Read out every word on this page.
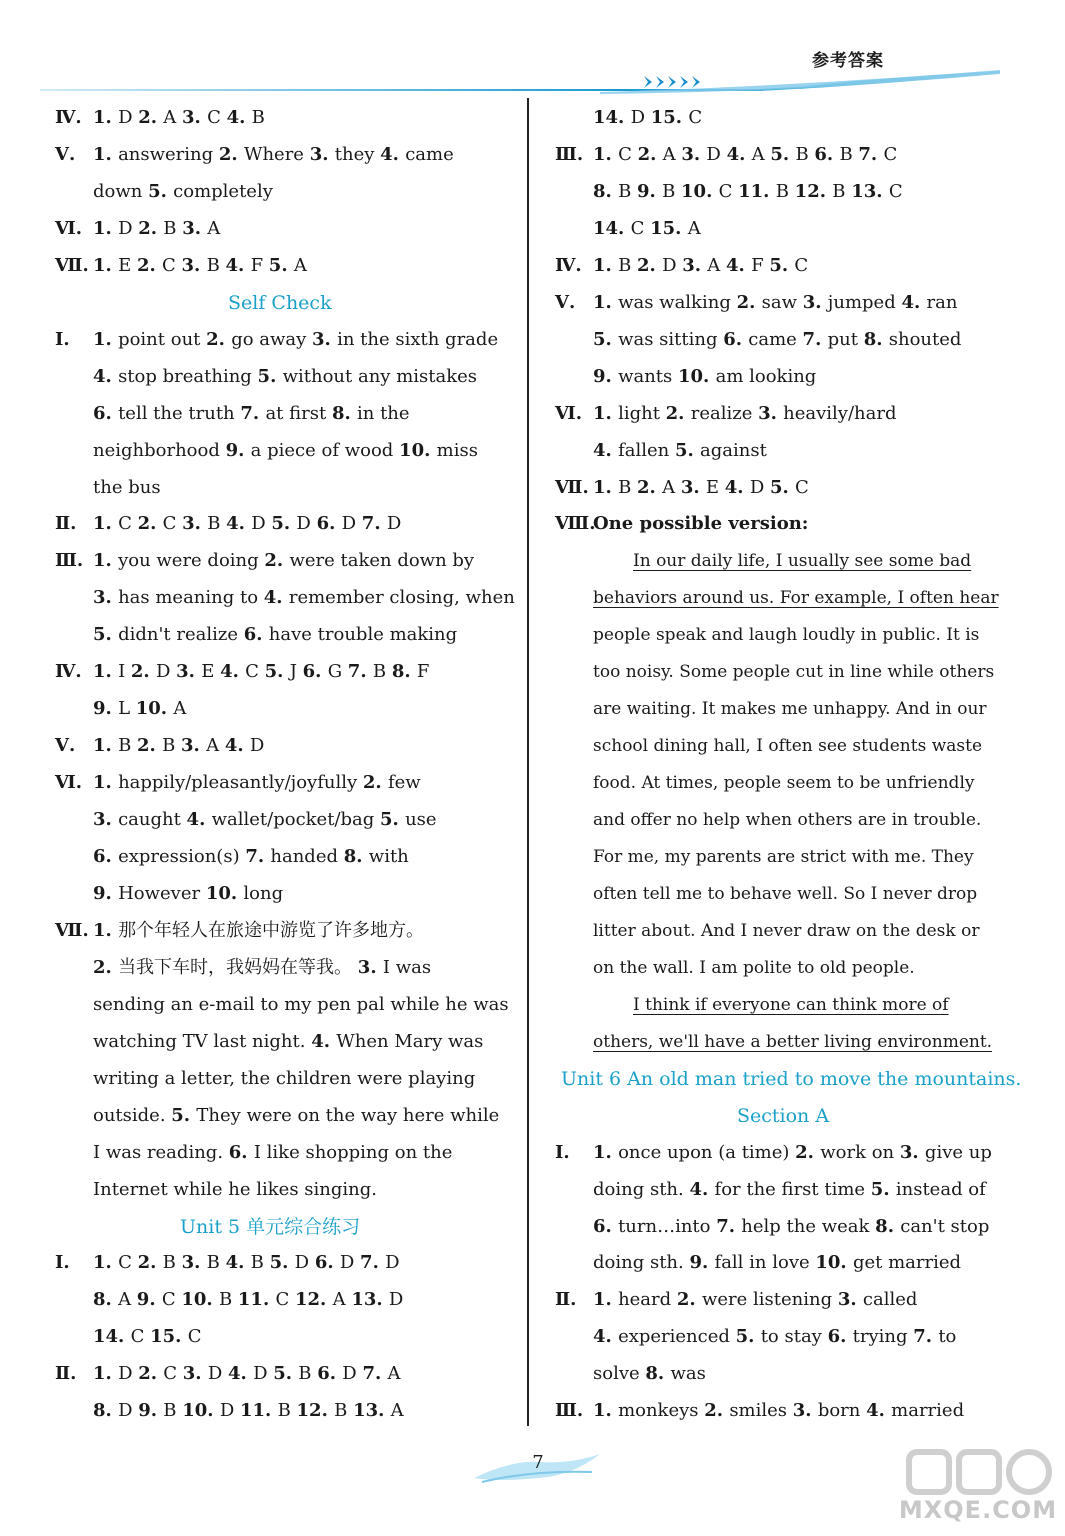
参考答案
Ⅳ. 1. D 2. A 3. C 4. B
Ⅴ. 1. answering 2. Where 3. they 4. came
down 5. completely
Ⅵ. 1. D 2. B 3. A
Ⅶ. 1. E 2. C 3. B 4. F 5. A
Self Check
Ⅰ. 1. point out 2. go away 3. in the sixth grade
4. stop breathing 5. without any mistakes
6. tell the truth 7. at first 8. in the
neighborhood 9. a piece of wood 10. miss
the bus
Ⅱ. 1. C 2. C 3. B 4. D 5. D 6. D 7. D
Ⅲ. 1. you were doing 2. were taken down by
3. has meaning to 4. remember closing, when
5. didn't realize 6. have trouble making
Ⅳ. 1. I 2. D 3. E 4. C 5. J 6. G 7. B 8. F
9. L 10. A
Ⅴ. 1. B 2. B 3. A 4. D
Ⅵ. 1. happily/pleasantly/joyfully 2. few
3. caught 4. wallet/pocket/bag 5. use
6. expression(s) 7. handed 8. with
9. However 10. long
Ⅶ. 1. 那个年轻人在旅途中游览了许多地方。
2. 当我下车时，我妈妈在等我。 3. I was
sending an e-mail to my pen pal while he was
watching TV last night. 4. When Mary was
writing a letter, the children were playing
outside. 5. They were on the way here while
I was reading. 6. I like shopping on the
Internet while he likes singing.
Unit 5 单元综合练习
Ⅰ. 1. C 2. B 3. B 4. B 5. D 6. D 7. D
8. A 9. C 10. B 11. C 12. A 13. D
14. C 15. C
Ⅱ. 1. D 2. C 3. D 4. D 5. B 6. D 7. A
8. D 9. B 10. D 11. B 12. B 13. A
14. D 15. C
Ⅲ. 1. C 2. A 3. D 4. A 5. B 6. B 7. C
8. B 9. B 10. C 11. B 12. B 13. C
14. C 15. A
Ⅳ. 1. B 2. D 3. A 4. F 5. C
Ⅴ. 1. was walking 2. saw 3. jumped 4. ran
5. was sitting 6. came 7. put 8. shouted
9. wants 10. am looking
Ⅵ. 1. light 2. realize 3. heavily/hard
4. fallen 5. against
Ⅶ. 1. B 2. A 3. E 4. D 5. C
Ⅷ.One possible version:
In our daily life, I usually see some bad
behaviors around us. For example, I often hear
people speak and laugh loudly in public. It is
too noisy. Some people cut in line while others
are waiting. It makes me unhappy. And in our
school dining hall, I often see students waste
food. At times, people seem to be unfriendly
and offer no help when others are in trouble.
For me, my parents are strict with me. They
often tell me to behave well. So I never drop
litter about. And I never draw on the desk or
on the wall. I am polite to old people.
I think if everyone can think more of
others, we'll have a better living environment.
Unit 6 An old man tried to move the mountains.
Section A
Ⅰ. 1. once upon (a time) 2. work on 3. give up
doing sth. 4. for the first time 5. instead of
6. turn…into 7. help the weak 8. can't stop
doing sth. 9. fall in love 10. get married
Ⅱ. 1. heard 2. were listening 3. called
4. experienced 5. to stay 6. trying 7. to
solve 8. was
Ⅲ. 1. monkeys 2. smiles 3. born 4. married
7
MXQE.COM
